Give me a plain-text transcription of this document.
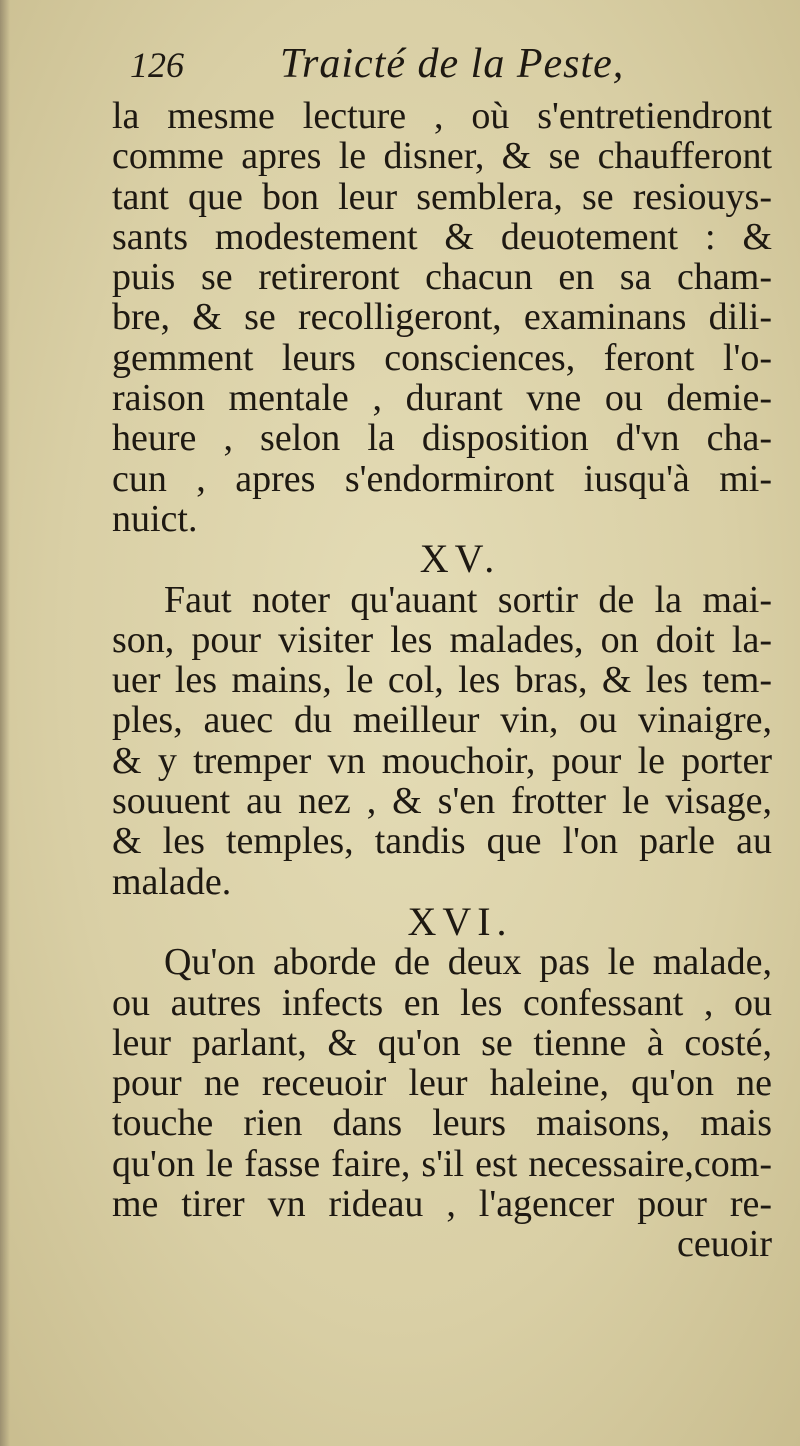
126 Traicté de la Peste,
la mesme lecture , où s'entretiendront
comme apres le disner, & se chaufferont
tant que bon leur semblera, se resiouys-
sants modestement & deuotement : &
puis se retireront chacun en sa cham-
bre, & se recolligeront, examinans dili-
gemment leurs consciences, feront l'o-
raison mentale , durant vne ou demie-
heure , selon la disposition d'vn cha-
cun , apres s'endormiront iusqu'à mi-
nuict.
XV.
Faut noter qu'auant sortir de la mai-
son, pour visiter les malades, on doit la-
uer les mains, le col, les bras, & les tem-
ples, auec du meilleur vin, ou vinaigre,
& y tremper vn mouchoir, pour le porter
souuent au nez , & s'en frotter le visage,
& les temples, tandis que l'on parle au
malade.
XVI.
Qu'on aborde de deux pas le malade,
ou autres infects en les confessant , ou
leur parlant, & qu'on se tienne à costé,
pour ne receuoir leur haleine, qu'on ne
touche rien dans leurs maisons, mais
qu'on le fasse faire, s'il est necessaire,com-
me tirer vn rideau , l'agencer pour re-
ceuoir
